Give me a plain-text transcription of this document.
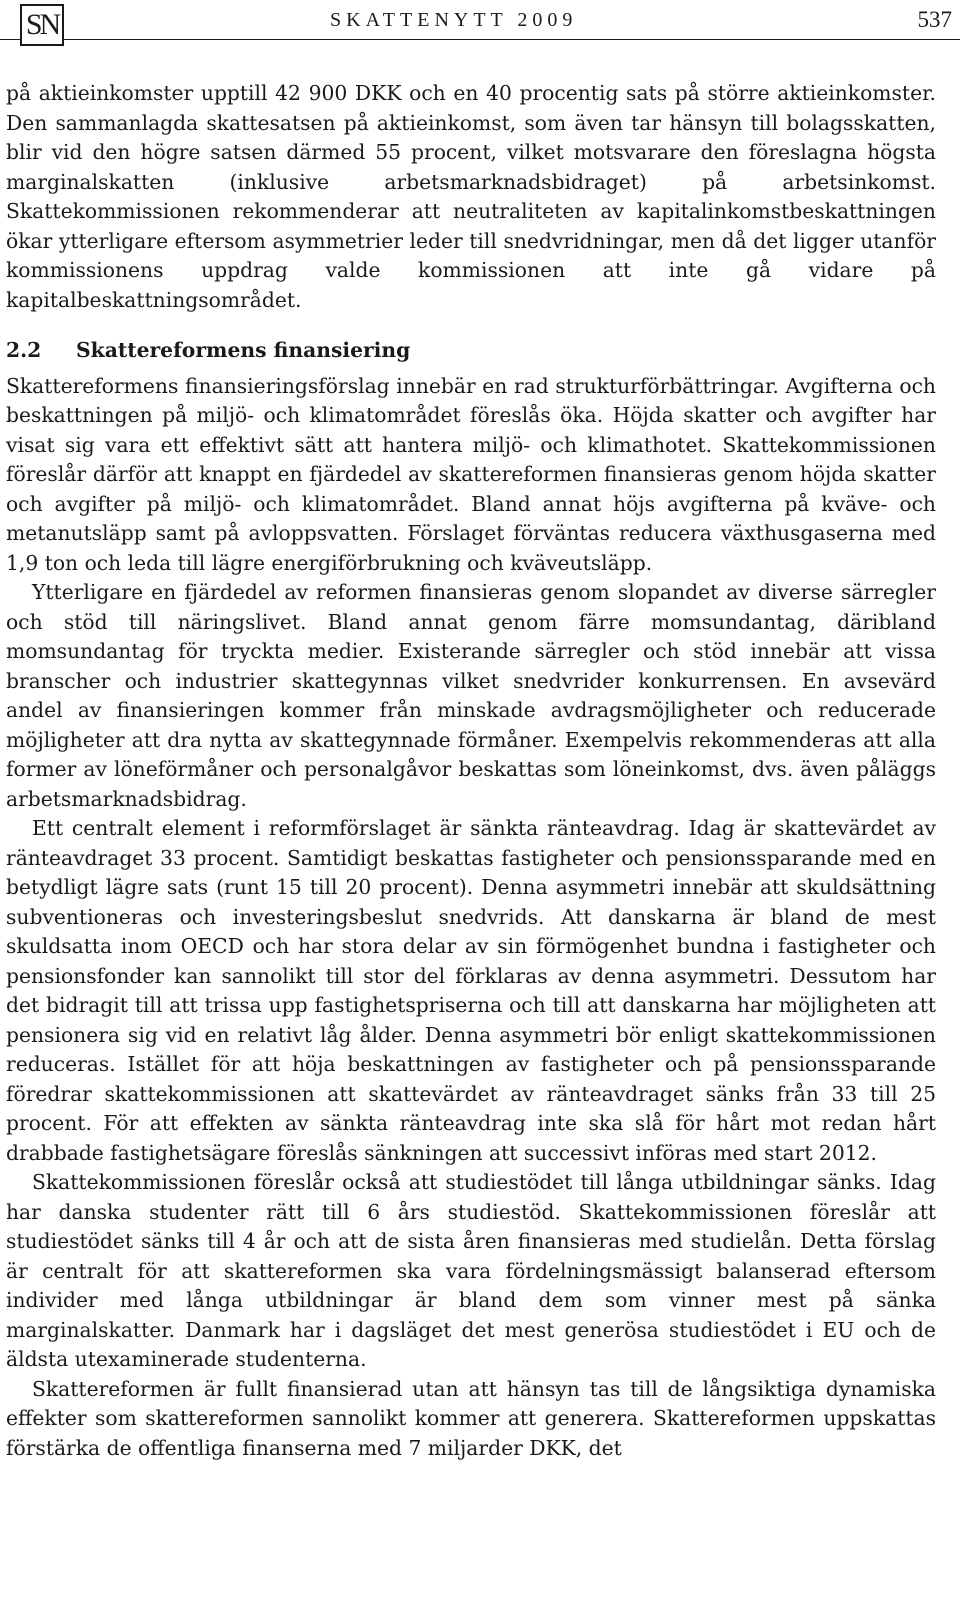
SN	SKATTENYTT 2009	537

på aktieinkomster upptill 42 900 DKK och en 40 procentig sats på större aktieinkomster. Den sammanlagda skattesatsen på aktieinkomst, som även tar hänsyn till bolagsskatten, blir vid den högre satsen därmed 55 procent, vilket motsvarare den föreslagna högsta marginalskatten (inklusive arbetsmarknadsbidraget) på arbetsinkomst. Skattekommissionen rekommenderar att neutraliteten av kapitalinkomstbeskattningen ökar ytterligare eftersom asymmetrier leder till snedvridningar, men då det ligger utanför kommissionens uppdrag valde kommissionen att inte gå vidare på kapitalbeskattningsområdet.

2.2 Skattereformens finansiering

Skattereformens finansieringsförslag innebär en rad strukturförbättringar. Avgifterna och beskattningen på miljö- och klimatområdet föreslås öka. Höjda skatter och avgifter har visat sig vara ett effektivt sätt att hantera miljö- och klimathotet. Skattekommissionen föreslår därför att knappt en fjärdedel av skattereformen finansieras genom höjda skatter och avgifter på miljö- och klimatområdet. Bland annat höjs avgifterna på kväve- och metanutsläpp samt på avloppsvatten. Förslaget förväntas reducera växthusgaserna med 1,9 ton och leda till lägre energiförbrukning och kväveutsläpp.

Ytterligare en fjärdedel av reformen finansieras genom slopandet av diverse särregler och stöd till näringslivet. Bland annat genom färre momsundantag, däribland momsundantag för tryckta medier. Existerande särregler och stöd innebär att vissa branscher och industrier skattegynnas vilket snedvrider konkurrensen. En avsevärd andel av finansieringen kommer från minskade avdragsmöjligheter och reducerade möjligheter att dra nytta av skattegynnade förmåner. Exempelvis rekommenderas att alla former av löneförmåner och personalgåvor beskattas som löneinkomst, dvs. även påläggs arbetsmarknadsbidrag.

Ett centralt element i reformförslaget är sänkta ränteavdrag. Idag är skattevärdet av ränteavdraget 33 procent. Samtidigt beskattas fastigheter och pensionssparande med en betydligt lägre sats (runt 15 till 20 procent). Denna asymmetri innebär att skuldsättning subventioneras och investeringsbeslut snedvrids. Att danskarna är bland de mest skuldsatta inom OECD och har stora delar av sin förmögenhet bundna i fastigheter och pensionsfonder kan sannolikt till stor del förklaras av denna asymmetri. Dessutom har det bidragit till att trissa upp fastighetspriserna och till att danskarna har möjligheten att pensionera sig vid en relativt låg ålder. Denna asymmetri bör enligt skattekommissionen reduceras. Istället för att höja beskattningen av fastigheter och på pensionssparande föredrar skattekommissionen att skattevärdet av ränteavdraget sänks från 33 till 25 procent. För att effekten av sänkta ränteavdrag inte ska slå för hårt mot redan hårt drabbade fastighetsägare föreslås sänkningen att successivt införas med start 2012.

Skattekommissionen föreslår också att studiestödet till långa utbildningar sänks. Idag har danska studenter rätt till 6 års studiestöd. Skattekommissionen föreslår att studiestödet sänks till 4 år och att de sista åren finansieras med studielån. Detta förslag är centralt för att skattereformen ska vara fördelningsmässigt balanserad eftersom individer med långa utbildningar är bland dem som vinner mest på sänka marginalskatter. Danmark har i dagsläget det mest generösa studiestödet i EU och de äldsta utexaminerade studenterna.

Skattereformen är fullt finansierad utan att hänsyn tas till de långsiktiga dynamiska effekter som skattereformen sannolikt kommer att generera. Skattereformen uppskattas förstärka de offentliga finanserna med 7 miljarder DKK, det
